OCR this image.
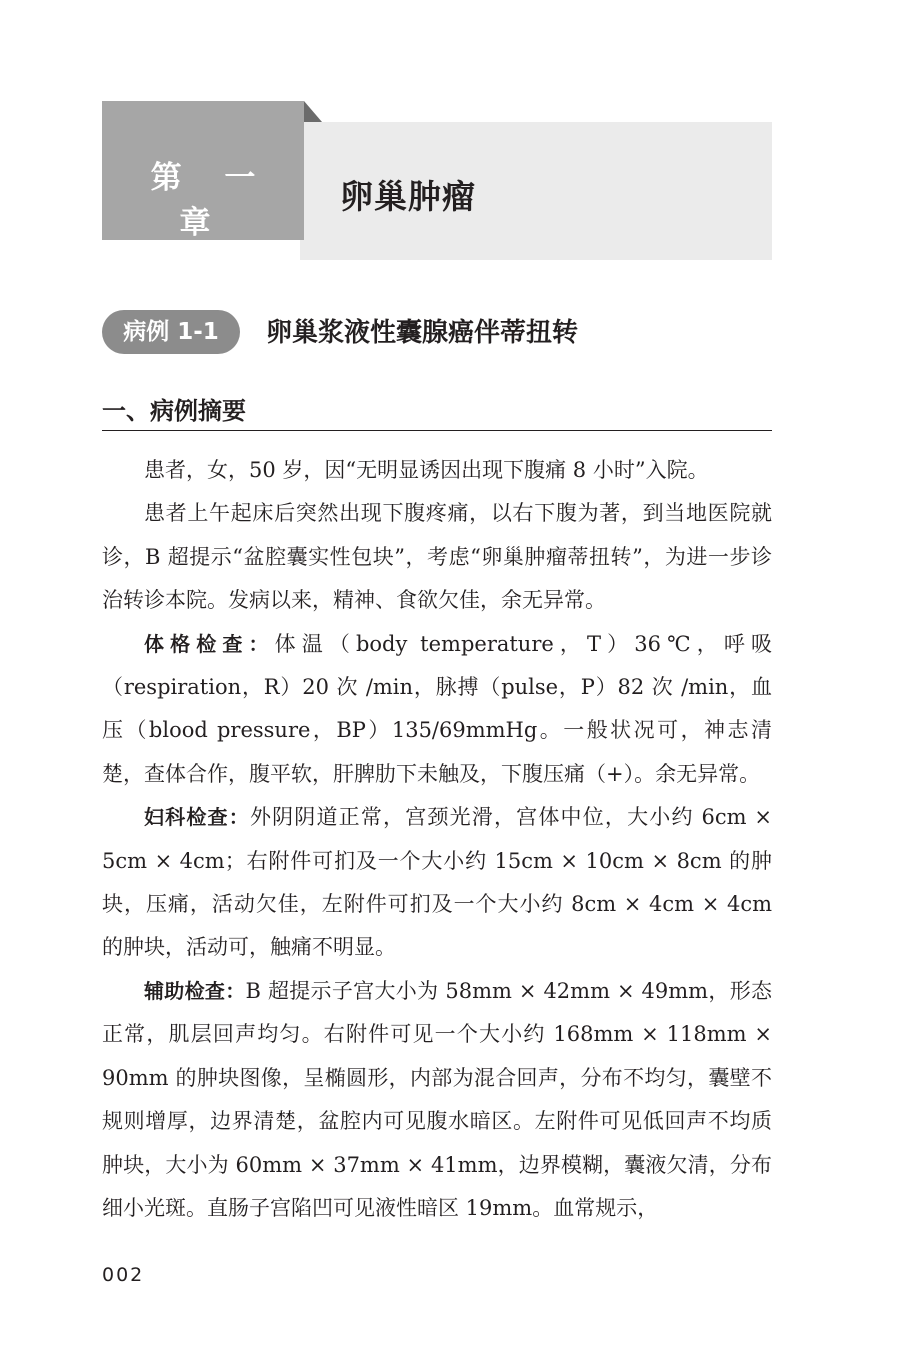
第 一 章
卵巢肿瘤
病例 1-1	卵巢浆液性囊腺癌伴蒂扭转
一、病例摘要

患者，女，50 岁，因“无明显诱因出现下腹痛 8 小时”入院。

患者上午起床后突然出现下腹疼痛，以右下腹为著，到当地医院就诊，B 超提示“盆腔囊实性包块”，考虑“卵巢肿瘤蒂扭转”，为进一步诊治转诊本院。发病以来，精神、食欲欠佳，余无异常。

体格检查：体温（body temperature，T）36℃，呼吸（respiration，R）20 次 /min，脉搏（pulse，P）82 次 /min，血压（blood pressure，BP）135/69mmHg。一般状况可，神志清楚，查体合作，腹平软，肝脾肋下未触及，下腹压痛（+）。余无异常。

妇科检查：外阴阴道正常，宫颈光滑，宫体中位，大小约 6cm × 5cm × 4cm；右附件可扪及一个大小约 15cm × 10cm × 8cm 的肿块，压痛，活动欠佳，左附件可扪及一个大小约 8cm × 4cm × 4cm 的肿块，活动可，触痛不明显。

辅助检查：B 超提示子宫大小为 58mm × 42mm × 49mm，形态正常，肌层回声均匀。右附件可见一个大小约 168mm × 118mm × 90mm 的肿块图像，呈椭圆形，内部为混合回声，分布不均匀，囊壁不规则增厚，边界清楚，盆腔内可见腹水暗区。左附件可见低回声不均质肿块，大小为 60mm × 37mm × 41mm，边界模糊，囊液欠清，分布细小光斑。直肠子宫陷凹可见液性暗区 19mm。血常规示，

002
